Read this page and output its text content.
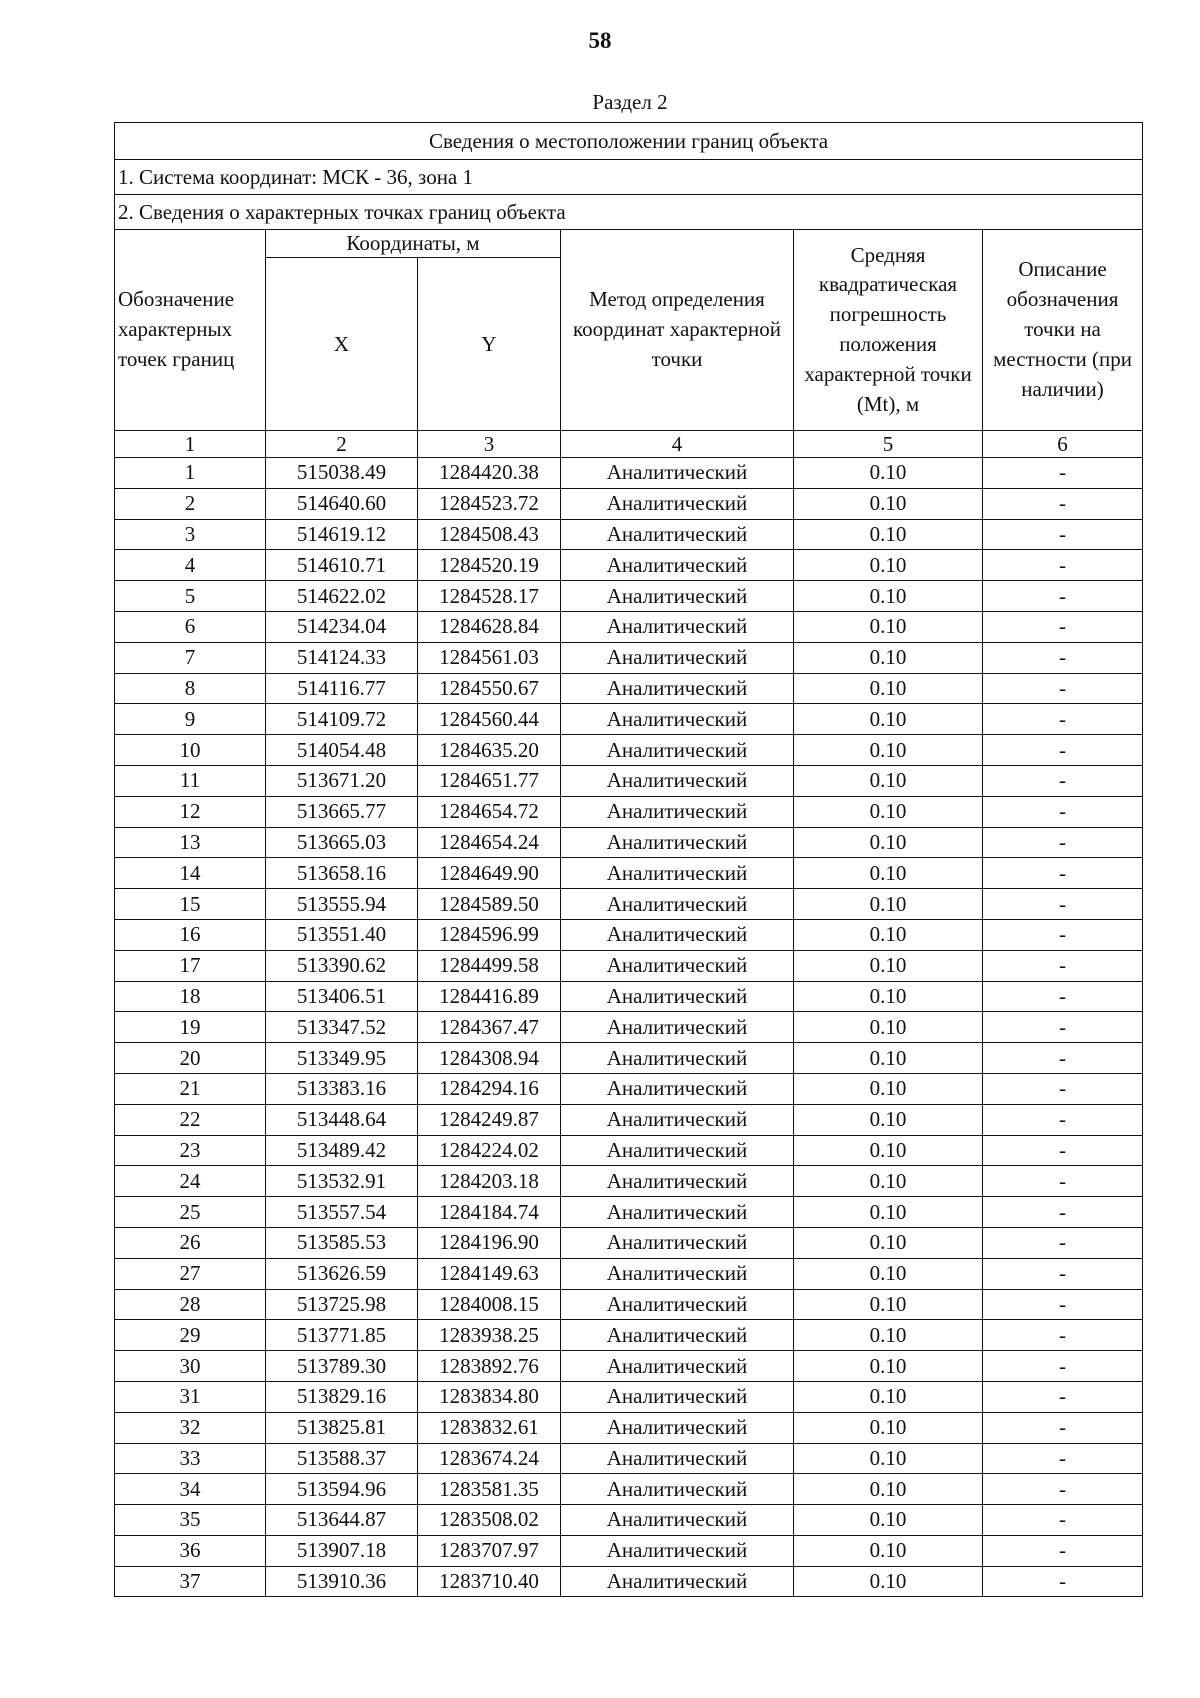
58
Раздел 2
Сведения о местоположении границ объекта					
1. Система координат: МСК - 36, зона 1					
2. Сведения о характерных точках границ объекта					
Обозначение характерных точек границ	Координаты, м		Метод определения координат характерной точки	Средняя квадратическая погрешность положения характерной точки (Mt), м	Описание обозначения точки на местности (при наличии)
	X	Y			
1	2	3	4	5	6
1	515038.49	1284420.38	Аналитический	0.10	-
2	514640.60	1284523.72	Аналитический	0.10	-
3	514619.12	1284508.43	Аналитический	0.10	-
4	514610.71	1284520.19	Аналитический	0.10	-
5	514622.02	1284528.17	Аналитический	0.10	-
6	514234.04	1284628.84	Аналитический	0.10	-
7	514124.33	1284561.03	Аналитический	0.10	-
8	514116.77	1284550.67	Аналитический	0.10	-
9	514109.72	1284560.44	Аналитический	0.10	-
10	514054.48	1284635.20	Аналитический	0.10	-
11	513671.20	1284651.77	Аналитический	0.10	-
12	513665.77	1284654.72	Аналитический	0.10	-
13	513665.03	1284654.24	Аналитический	0.10	-
14	513658.16	1284649.90	Аналитический	0.10	-
15	513555.94	1284589.50	Аналитический	0.10	-
16	513551.40	1284596.99	Аналитический	0.10	-
17	513390.62	1284499.58	Аналитический	0.10	-
18	513406.51	1284416.89	Аналитический	0.10	-
19	513347.52	1284367.47	Аналитический	0.10	-
20	513349.95	1284308.94	Аналитический	0.10	-
21	513383.16	1284294.16	Аналитический	0.10	-
22	513448.64	1284249.87	Аналитический	0.10	-
23	513489.42	1284224.02	Аналитический	0.10	-
24	513532.91	1284203.18	Аналитический	0.10	-
25	513557.54	1284184.74	Аналитический	0.10	-
26	513585.53	1284196.90	Аналитический	0.10	-
27	513626.59	1284149.63	Аналитический	0.10	-
28	513725.98	1284008.15	Аналитический	0.10	-
29	513771.85	1283938.25	Аналитический	0.10	-
30	513789.30	1283892.76	Аналитический	0.10	-
31	513829.16	1283834.80	Аналитический	0.10	-
32	513825.81	1283832.61	Аналитический	0.10	-
33	513588.37	1283674.24	Аналитический	0.10	-
34	513594.96	1283581.35	Аналитический	0.10	-
35	513644.87	1283508.02	Аналитический	0.10	-
36	513907.18	1283707.97	Аналитический	0.10	-
37	513910.36	1283710.40	Аналитический	0.10	-
